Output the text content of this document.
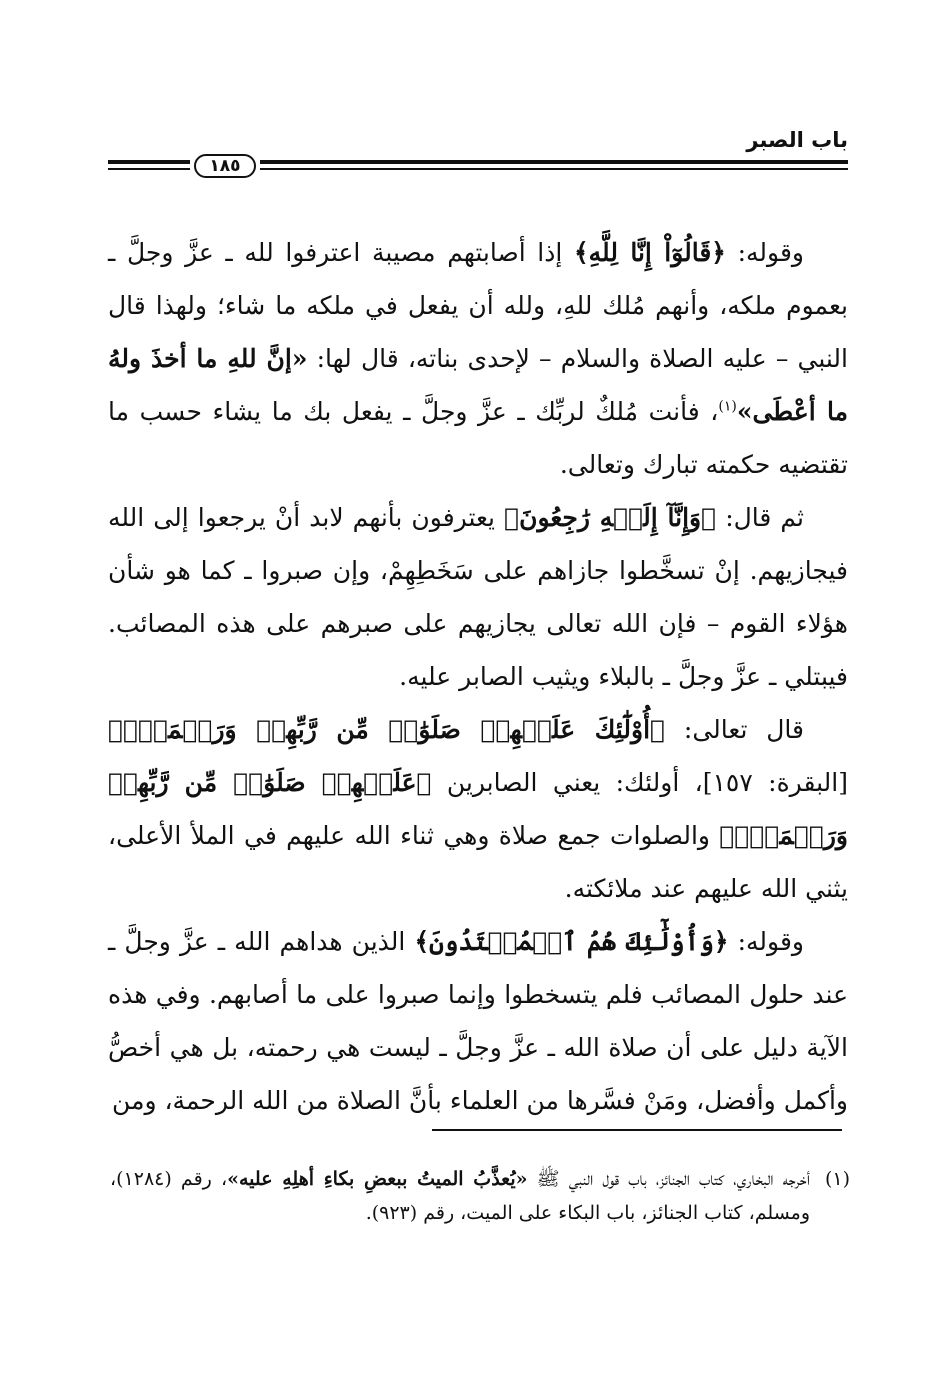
باب الصبر
١٨٥

وقوله: ﴿قَالُوٓاْ إِنَّا لِلَّهِ﴾ إذا أصابتهم مصيبة اعترفوا لله ـ عزَّ وجلَّ ـ بعموم ملكه، وأنهم مُلك للهِ، ولله أن يفعل في ملكه ما شاء؛ ولهذا قال النبي – عليه الصلاة والسلام – لإحدى بناته، قال لها: «إنَّ للهِ ما أخذَ ولهُ ما أعْطَى»$^{(١)}$، فأنت مُلكٌ لربِّك ـ عزَّ وجلَّ ـ يفعل بك ما يشاء حسب ما تقتضيه حكمته تبارك وتعالى.

ثم قال: ﴿وَإِنَّآ إِلَيۡهِ رَٰجِعُونَ﴾ يعترفون بأنهم لابد أنْ يرجعوا إلى الله فيجازيهم. إنْ تسخَّطوا جازاهم على سَخَطِهِمْ، وإن صبروا ـ كما هو شأن هؤلاء القوم – فإن الله تعالى يجازيهم على صبرهم على هذه المصائب. فيبتلي ـ عزَّ وجلَّ ـ بالبلاء ويثيب الصابر عليه.

قال تعالى: ﴿أُوْلَٰٓئِكَ عَلَيۡهِمۡ صَلَوَٰتٞ مِّن رَّبِّهِمۡ وَرَحۡمَةٞۖ﴾ [البقرة: ١٥٧]، أولئك: يعني الصابرين ﴿عَلَيۡهِمۡ صَلَوَٰتٞ مِّن رَّبِّهِمۡ وَرَحۡمَةٞۖ﴾ والصلوات جمع صلاة وهي ثناء الله عليهم في الملأ الأعلى، يثني الله عليهم عند ملائكته.

وقوله: ﴿وَأُوْلَٰٓئِكَ هُمُ ٱلۡمُهۡتَدُونَ﴾ الذين هداهم الله ـ عزَّ وجلَّ ـ عند حلول المصائب فلم يتسخطوا وإنما صبروا على ما أصابهم. وفي هذه الآية دليل على أن صلاة الله ـ عزَّ وجلَّ ـ ليست هي رحمته، بل هي أخصُّ وأكمل وأفضل، ومَنْ فسَّرها من العلماء بأنَّ الصلاة من الله الرحمة، ومن

(١)
أخرجه البخاري، كتاب الجنائز، باب قول النبي ﷺ «يُعذَّبُ الميتُ ببعضِ بكاءِ أهلِهِ عليه»، رقم (١٢٨٤)، ومسلم، كتاب الجنائز، باب البكاء على الميت، رقم (٩٢٣).
